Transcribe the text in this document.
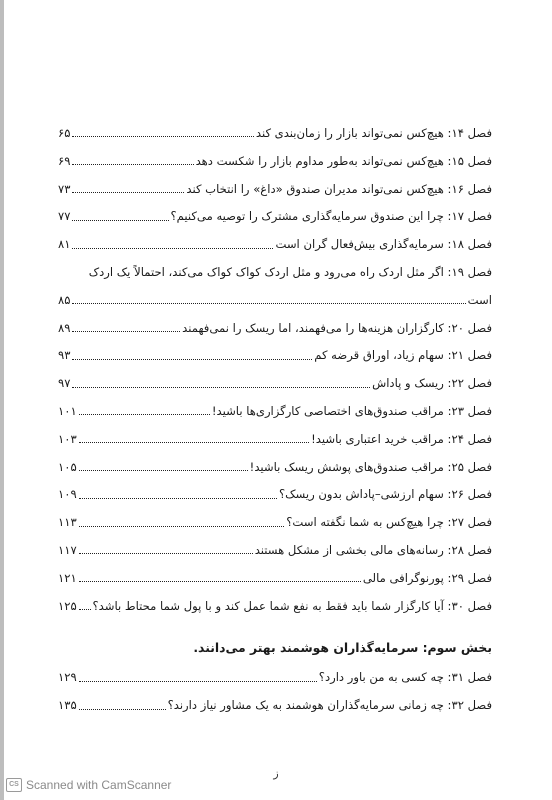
فصل ۱۴: هیچ‌کس نمی‌تواند بازار را زمان‌بندی کند
۶۵
فصل ۱۵: هیچ‌کس نمی‌تواند به‌طور مداوم بازار را شکست دهد
۶۹
فصل ۱۶: هیچ‌کس نمی‌تواند مدیران صندوق «داغ» را انتخاب کند
۷۳
فصل ۱۷: چرا این صندوق سرمایه‌گذاری مشترک را توصیه می‌کنیم؟
۷۷
فصل ۱۸: سرمایه‌گذاری بیش‌فعال گران است
۸۱
فصل ۱۹: اگر مثل اردک راه می‌رود و مثل اردک کواک کواک می‌کند، احتمالاً یک اردک
است
۸۵
فصل ۲۰: کارگزاران هزینه‌ها را می‌فهمند، اما ریسک را نمی‌فهمند
۸۹
فصل ۲۱: سهام زیاد، اوراق قرضه کم
۹۳
فصل ۲۲: ریسک و پاداش
۹۷
فصل ۲۳: مراقب صندوق‌های اختصاصی کارگزاری‌ها باشید!
۱۰۱
فصل ۲۴: مراقب خرید اعتباری باشید!
۱۰۳
فصل ۲۵: مراقب صندوق‌های پوشش ریسک باشید!
۱۰۵
فصل ۲۶: سهام ارزشی–پاداش بدون ریسک؟
۱۰۹
فصل ۲۷: چرا هیچ‌کس به شما نگفته است؟
۱۱۳
فصل ۲۸: رسانه‌های مالی بخشی از مشکل هستند
۱۱۷
فصل ۲۹: پورنوگرافی مالی
۱۲۱
فصل ۳۰: آیا کارگزار شما باید فقط به نفع شما عمل کند و با پول شما محتاط باشد؟
۱۲۵
بخش سوم: سرمایه‌گذاران هوشمند بهتر می‌دانند.
فصل ۳۱: چه کسی به من باور دارد؟
۱۲۹
فصل ۳۲: چه زمانی سرمایه‌گذاران هوشمند به یک مشاور نیاز دارند؟
۱۳۵
ز
CS Scanned with CamScanner
